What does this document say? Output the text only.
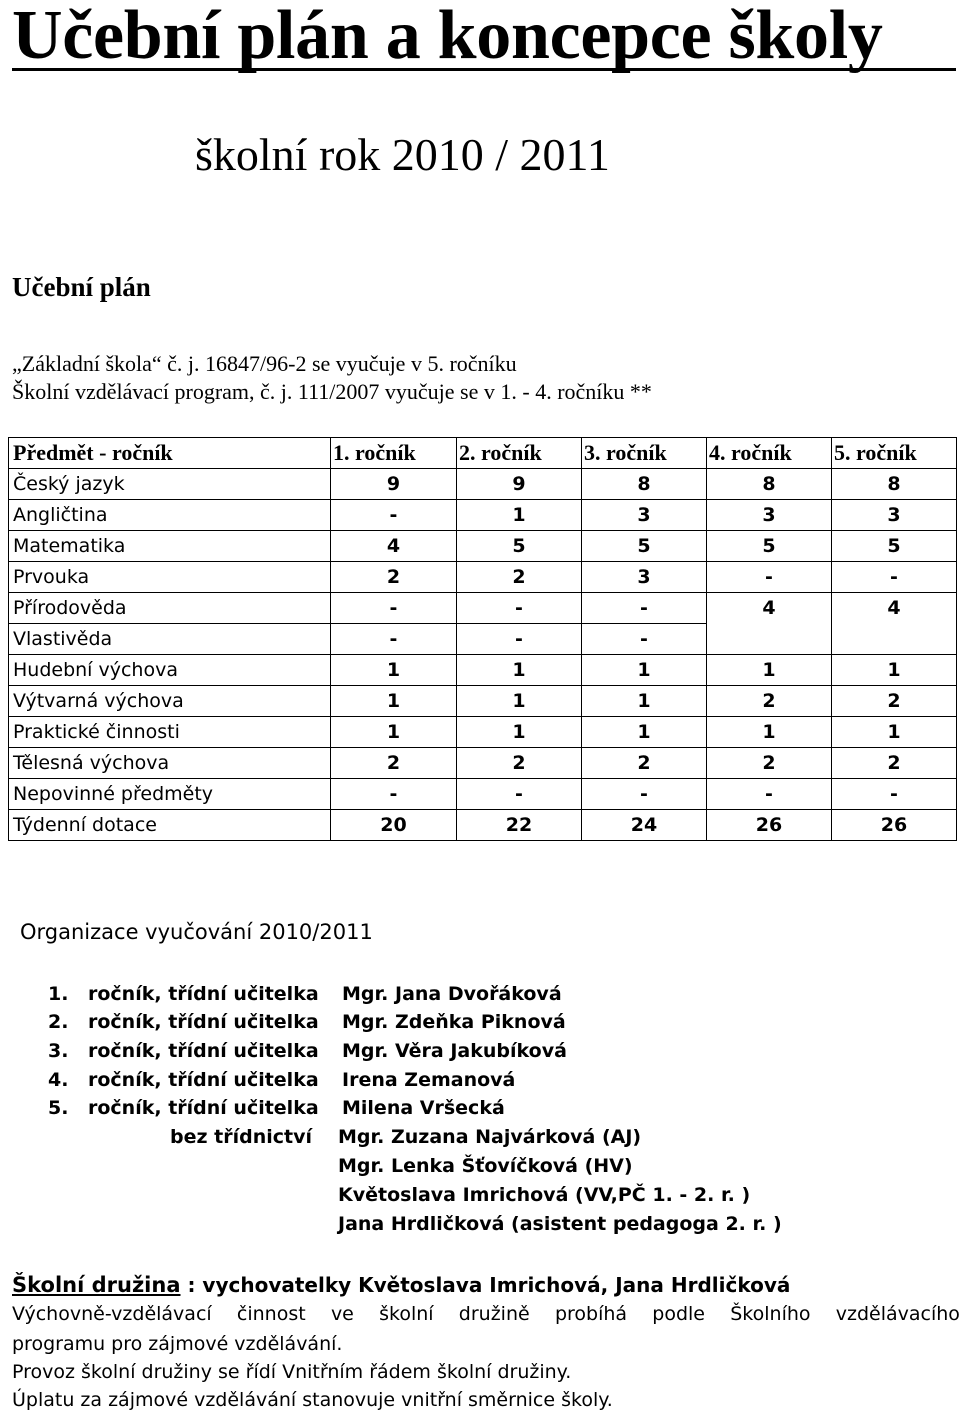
Učební plán a koncepce školy
školní rok 2010 / 2011
Učební plán
„Základní škola“ č. j. 16847/96-2 se vyučuje v 5. ročníku
Školní vzdělávací program, č. j. 111/2007 vyučuje se v 1. - 4. ročníku **
Předmět - ročník	1. ročník	2. ročník	3. ročník	4. ročník	5. ročník
Český jazyk	9	9	8	8	8
Angličtina	-	1	3	3	3
Matematika	4	5	5	5	5
Prvouka	2	2	3	-	-
Přírodověda	-	-	-	4	4
Vlastivěda	-	-	-		
Hudební výchova	1	1	1	1	1
Výtvarná výchova	1	1	1	2	2
Praktické činnosti	1	1	1	1	1
Tělesná výchova	2	2	2	2	2
Nepovinné předměty	-	-	-	-	-
Týdenní dotace	20	22	24	26	26
Organizace vyučování 2010/2011
1. ročník, třídní učitelka Mgr. Jana Dvořáková
2. ročník, třídní učitelka Mgr. Zdeňka Piknová
3. ročník, třídní učitelka Mgr. Věra Jakubíková
4. ročník, třídní učitelka Irena Zemanová
5. ročník, třídní učitelka Milena Vršecká
bez třídnictví Mgr. Zuzana Najvárková (AJ)
Mgr. Lenka Šťovíčková (HV)
Květoslava Imrichová (VV,PČ 1. - 2. r. )
Jana Hrdličková (asistent pedagoga 2. r. )
Školní družina : vychovatelky Květoslava Imrichová, Jana Hrdličková
Výchovně-vzdělávací činnost ve školní družině probíhá podle Školního vzdělávacího
programu pro zájmové vzdělávání.
Provoz školní družiny se řídí Vnitřním řádem školní družiny.
Úplatu za zájmové vzdělávání stanovuje vnitřní směrnice školy.
